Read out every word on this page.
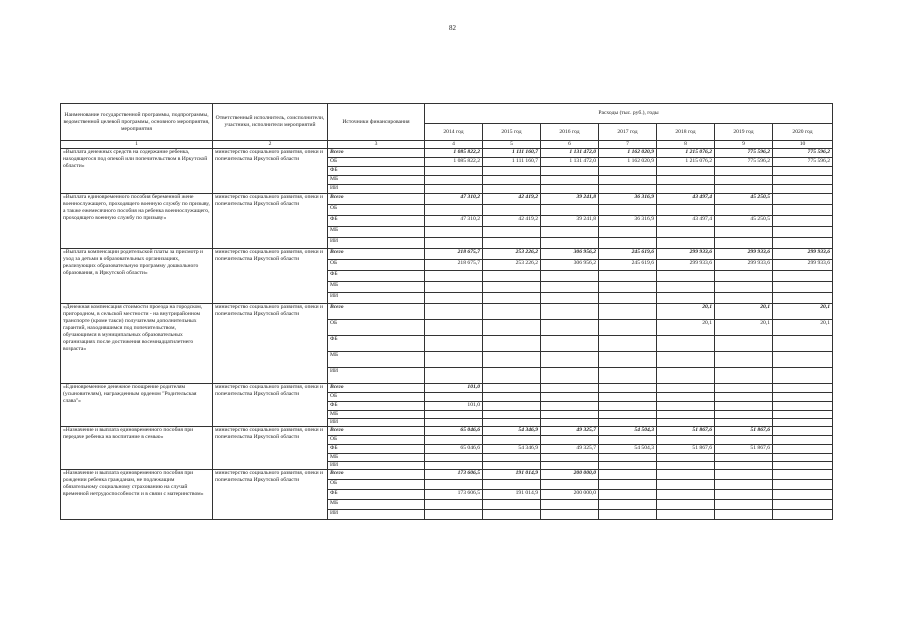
82
Наименование государственной программы, подпрограммы, ведомственной целевой программы, основного мероприятия, мероприятия	Ответственный исполнитель, соисполнители, участники, исполнители мероприятий	Источники финансирования	Расходы (тыс. руб.), годы						
			2014 год	2015 год	2016 год	2017 год	2018 год	2019 год	2020 год
1	2	3	4	5	6	7	8	9	10
«Выплата денежных средств на содержание ребенка, находящегося под опекой или попечительством в Иркутской области»	министерство социального развития, опеки и попечительства Иркутской области	Всего	1 085 822,2	1 111 160,7	1 131 472,0	1 162 020,9	1 215 076,2	775 596,2	775 596,2
		ОБ	1 085 822,2	1 111 160,7	1 131 472,0	1 162 020,9	1 215 076,2	775 596,2	775 596,2
		ФБ							
		МБ							
		ИИ							
«Выплата единовременного пособия беременной жене военнослужащего, проходящего военную службу по призыву, а также ежемесячного пособия на ребенка военнослужащего, проходящего военную службу по призыву»	министерство социального развития, опеки и попечительства Иркутской области	Всего	47 310,2	42 419,2	39 241,8	36 316,9	43 497,4	45 250,5	
		ОБ							
		ФБ	47 310,2	42 419,2	39 241,8	36 316,9	43 497,4	45 250,5	
		МБ							
		ИИ							
«Выплата компенсации родительской платы за присмотр и уход за детьми в образовательных организациях, реализующих образовательную программу дошкольного образования, в Иркутской области»	министерство социального развития, опеки и попечительства Иркутской области	Всего	218 675,7	253 226,2	306 956,2	245 619,6	299 933,6	299 933,6	299 933,6
		ОБ	218 675,7	253 226,2	306 956,2	245 619,6	299 933,6	299 933,6	299 933,6
		ФБ							
		МБ							
		ИИ							
«Денежная компенсация стоимости проезда на городском, пригородном, в сельской местности - на внутрирайонном транспорте (кроме такси) получателям дополнительных гарантий, находившимся под попечительством, обучающимся в муниципальных образовательных организациях после достижения восемнадцатилетнего возраста»	министерство социального развития, опеки и попечительства Иркутской области	Всего					20,1	20,1	20,1
		ОБ					20,1	20,1	20,1
		ФБ							
		МБ							
		ИИ							
«Единовременное денежное поощрение родителям (усыновителям), награжденным орденом "Родительская слава"»	министерство социального развития, опеки и попечительства Иркутской области	Всего	101,0						
		ОБ							
		ФБ	101,0						
		МБ							
		ИИ							
«Назначение и выплата единовременного пособия при передаче ребенка на воспитание в семью»	министерство социального развития, опеки и попечительства Иркутской области	Всего	65 046,6	54 346,9	49 325,7	54 504,3	51 867,6	51 867,6	
		ОБ							
		ФБ	65 046,6	54 346,9	49 325,7	54 504,3	51 867,6	51 867,6	
		МБ							
		ИИ							
«Назначение и выплата единовременного пособия при рождении ребенка гражданам, не подлежащим обязательному социальному страхованию на случай временной нетрудоспособности и в связи с материнством»	министерство социального развития, опеки и попечительства Иркутской области	Всего	173 606,5	191 014,9	200 000,0				
		ОБ							
		ФБ	173 606,5	191 014,9	200 000,0				
		МБ							
		ИИ							
